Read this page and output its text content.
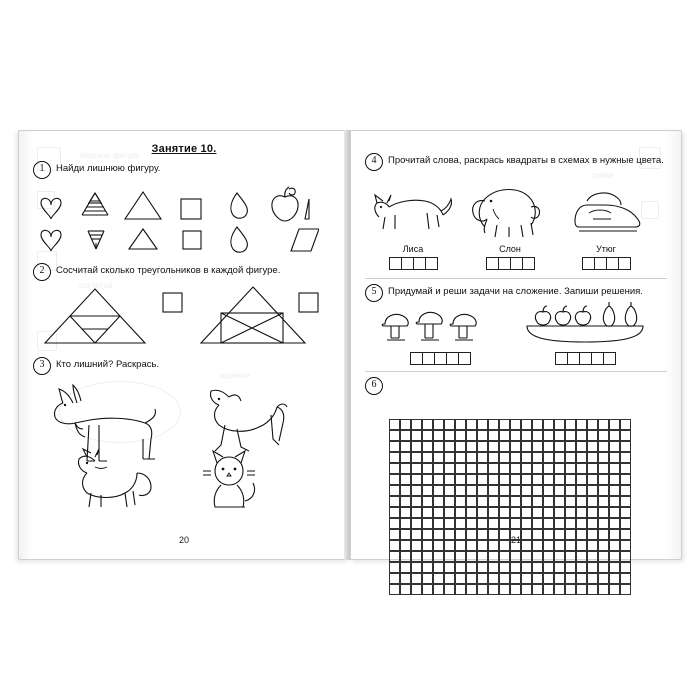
лишнюю фигуру
сосчитай
задание
Занятие 10.
1	Найди лишнюю фигуру.
2	Сосчитай сколько треугольников в каждой фигуре.
3	Кто лишний? Раскрась.
20
схема
4	Прочитай слова, раскрась квадраты в схемах в нужные цвета.
Лиса	Слон	Утюг
5	Придумай и реши задачи на сложение. Запиши решения.
6
21
